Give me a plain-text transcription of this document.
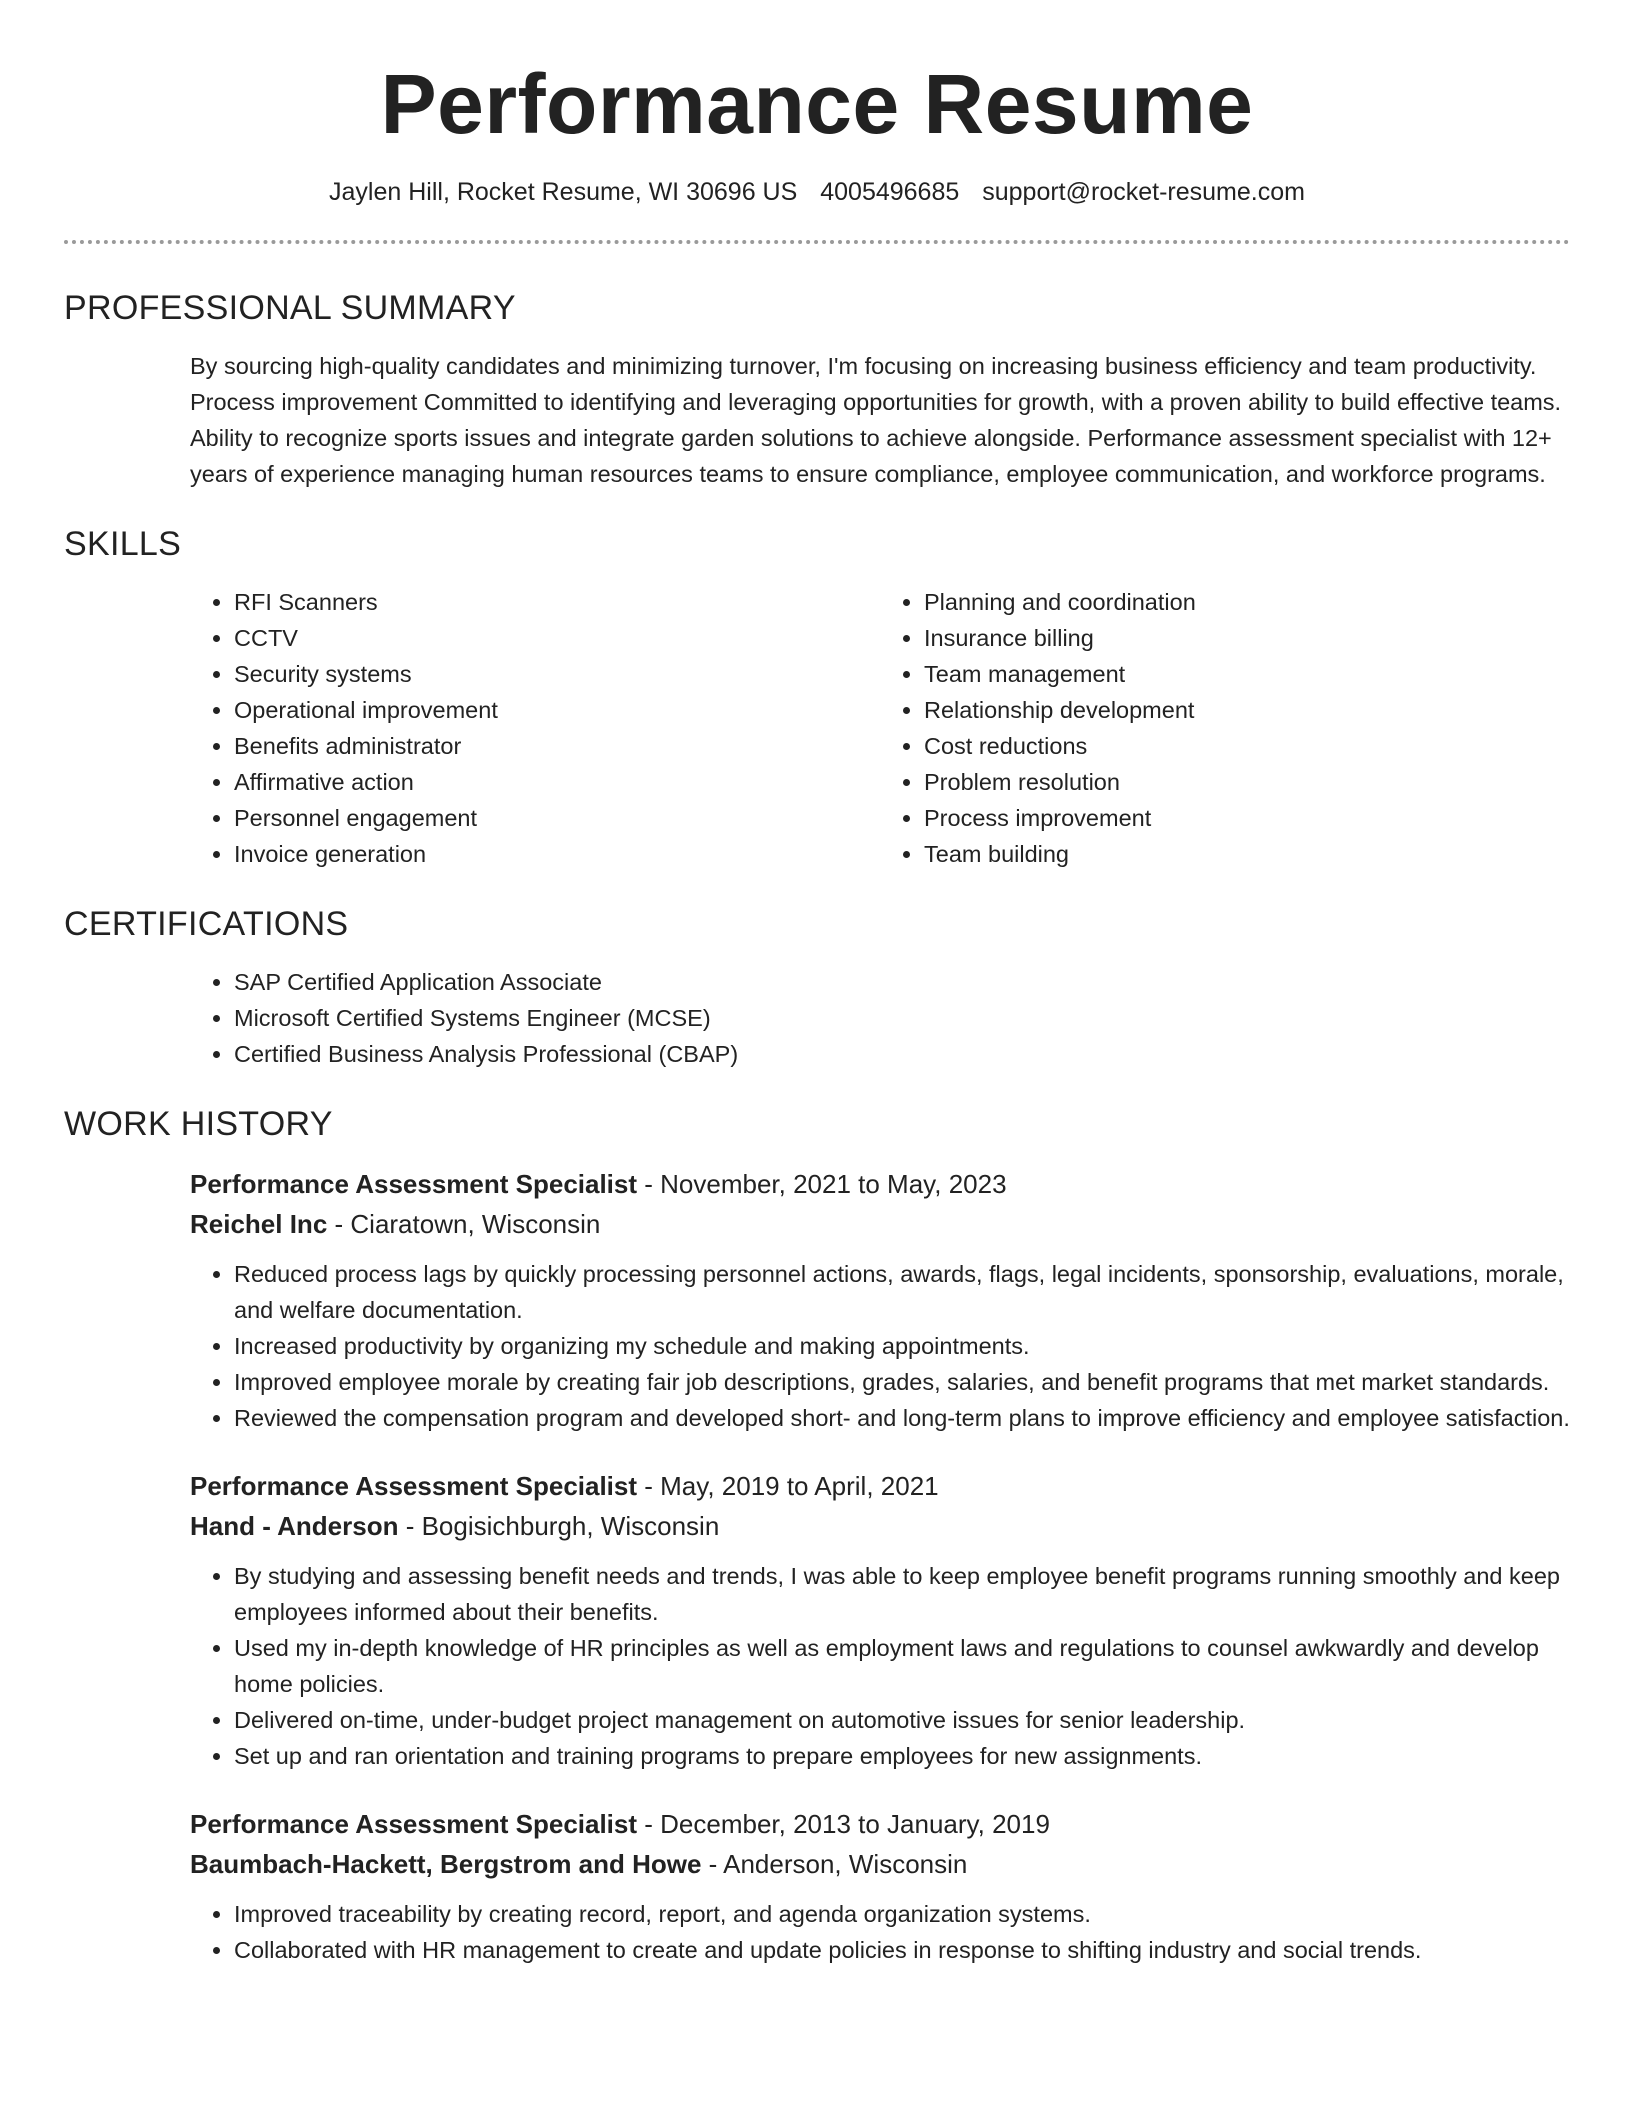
Performance Resume
Jaylen Hill, Rocket Resume, WI 30696 US 4005496685 support@rocket-resume.com
PROFESSIONAL SUMMARY
By sourcing high-quality candidates and minimizing turnover, I'm focusing on increasing business efficiency and team productivity. Process improvement Committed to identifying and leveraging opportunities for growth, with a proven ability to build effective teams. Ability to recognize sports issues and integrate garden solutions to achieve alongside. Performance assessment specialist with 12+ years of experience managing human resources teams to ensure compliance, employee communication, and workforce programs.
SKILLS
• RFI Scanners
• CCTV
• Security systems
• Operational improvement
• Benefits administrator
• Affirmative action
• Personnel engagement
• Invoice generation
• Planning and coordination
• Insurance billing
• Team management
• Relationship development
• Cost reductions
• Problem resolution
• Process improvement
• Team building
CERTIFICATIONS
• SAP Certified Application Associate
• Microsoft Certified Systems Engineer (MCSE)
• Certified Business Analysis Professional (CBAP)
WORK HISTORY
Performance Assessment Specialist - November, 2021 to May, 2023
Reichel Inc - Ciaratown, Wisconsin
• Reduced process lags by quickly processing personnel actions, awards, flags, legal incidents, sponsorship, evaluations, morale, and welfare documentation.
• Increased productivity by organizing my schedule and making appointments.
• Improved employee morale by creating fair job descriptions, grades, salaries, and benefit programs that met market standards.
• Reviewed the compensation program and developed short- and long-term plans to improve efficiency and employee satisfaction.
Performance Assessment Specialist - May, 2019 to April, 2021
Hand - Anderson - Bogisichburgh, Wisconsin
• By studying and assessing benefit needs and trends, I was able to keep employee benefit programs running smoothly and keep employees informed about their benefits.
• Used my in-depth knowledge of HR principles as well as employment laws and regulations to counsel awkwardly and develop home policies.
• Delivered on-time, under-budget project management on automotive issues for senior leadership.
• Set up and ran orientation and training programs to prepare employees for new assignments.
Performance Assessment Specialist - December, 2013 to January, 2019
Baumbach-Hackett, Bergstrom and Howe - Anderson, Wisconsin
• Improved traceability by creating record, report, and agenda organization systems.
• Collaborated with HR management to create and update policies in response to shifting industry and social trends.
